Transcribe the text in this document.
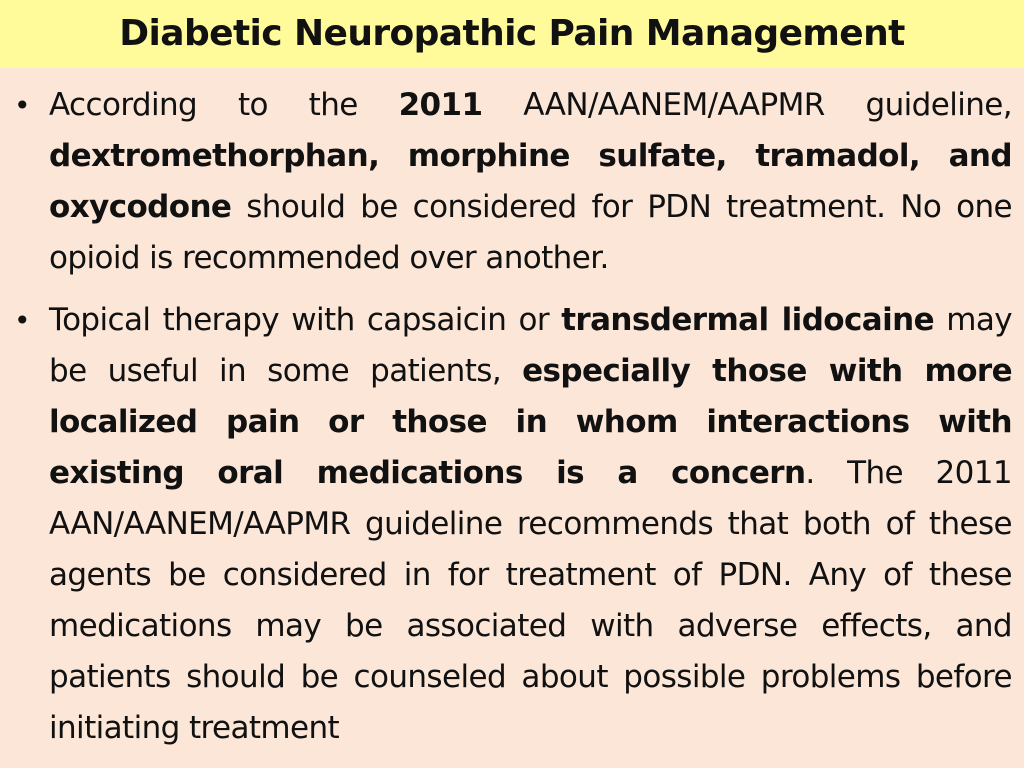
Diabetic Neuropathic Pain Management

• According to the 2011 AAN/AANEM/AAPMR guideline, dextromethorphan, morphine sulfate, tramadol, and oxycodone should be considered for PDN treatment. No one opioid is recommended over another.

• Topical therapy with capsaicin or transdermal lidocaine may be useful in some patients, especially those with more localized pain or those in whom interactions with existing oral medications is a concern. The 2011 AAN/AANEM/AAPMR guideline recommends that both of these agents be considered in for treatment of PDN. Any of these medications may be associated with adverse effects, and patients should be counseled about possible problems before initiating treatment
